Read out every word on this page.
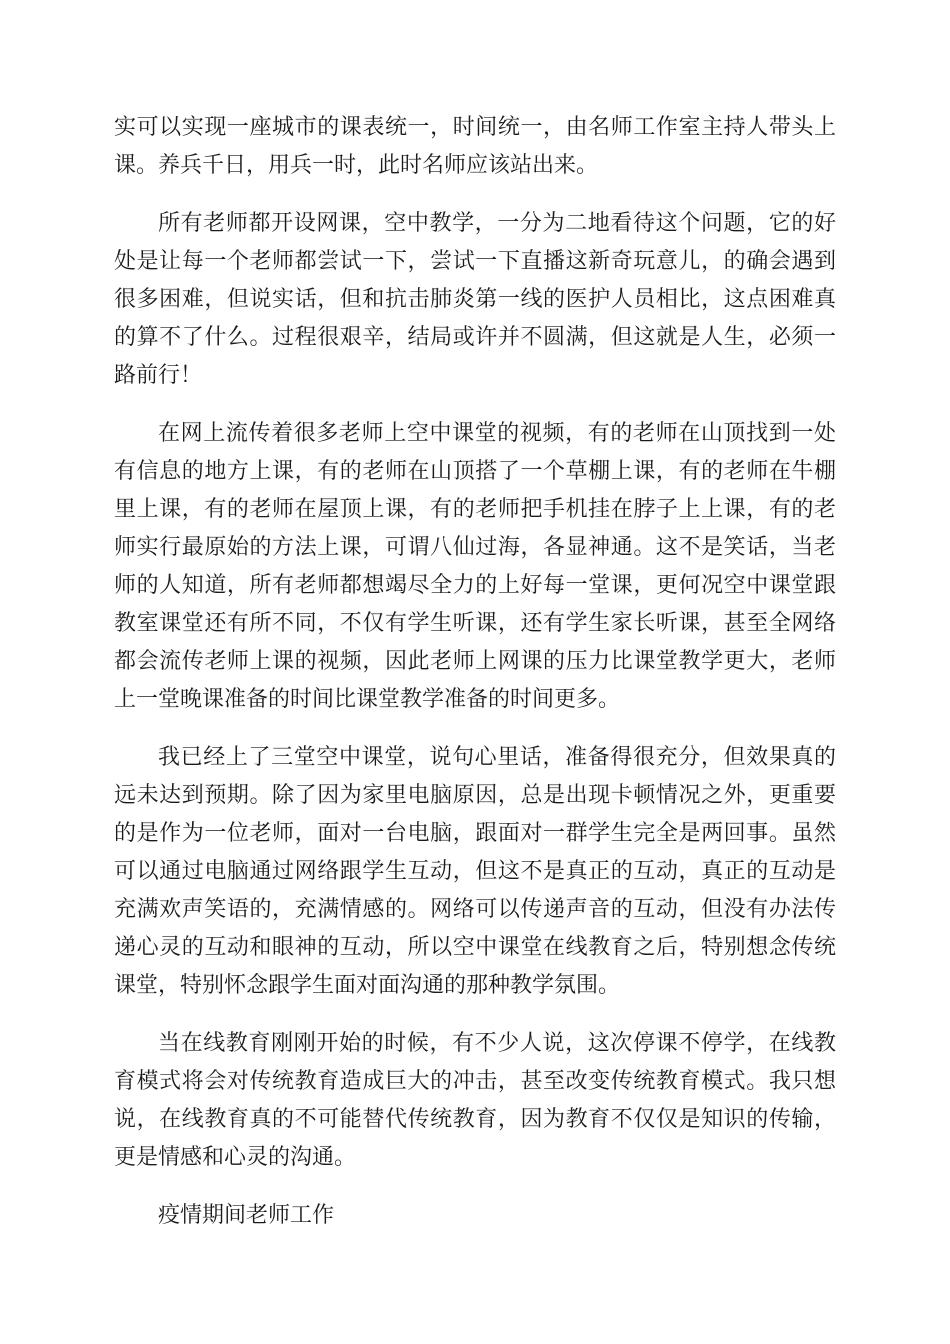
实可以实现一座城市的课表统一，时间统一，由名师工作室主持人带头上课。养兵千日，用兵一时，此时名师应该站出来。

所有老师都开设网课，空中教学，一分为二地看待这个问题，它的好处是让每一个老师都尝试一下，尝试一下直播这新奇玩意儿，的确会遇到很多困难，但说实话，但和抗击肺炎第一线的医护人员相比，这点困难真的算不了什么。过程很艰辛，结局或许并不圆满，但这就是人生，必须一路前行！

在网上流传着很多老师上空中课堂的视频，有的老师在山顶找到一处有信息的地方上课，有的老师在山顶搭了一个草棚上课，有的老师在牛棚里上课，有的老师在屋顶上课，有的老师把手机挂在脖子上上课，有的老师实行最原始的方法上课，可谓八仙过海，各显神通。这不是笑话，当老师的人知道，所有老师都想竭尽全力的上好每一堂课，更何况空中课堂跟教室课堂还有所不同，不仅有学生听课，还有学生家长听课，甚至全网络都会流传老师上课的视频，因此老师上网课的压力比课堂教学更大，老师上一堂晚课准备的时间比课堂教学准备的时间更多。

我已经上了三堂空中课堂，说句心里话，准备得很充分，但效果真的远未达到预期。除了因为家里电脑原因，总是出现卡顿情况之外，更重要的是作为一位老师，面对一台电脑，跟面对一群学生完全是两回事。虽然可以通过电脑通过网络跟学生互动，但这不是真正的互动，真正的互动是充满欢声笑语的，充满情感的。网络可以传递声音的互动，但没有办法传递心灵的互动和眼神的互动，所以空中课堂在线教育之后，特别想念传统课堂，特别怀念跟学生面对面沟通的那种教学氛围。

当在线教育刚刚开始的时候，有不少人说，这次停课不停学，在线教育模式将会对传统教育造成巨大的冲击，甚至改变传统教育模式。我只想说，在线教育真的不可能替代传统教育，因为教育不仅仅是知识的传输，更是情感和心灵的沟通。

疫情期间老师工作
